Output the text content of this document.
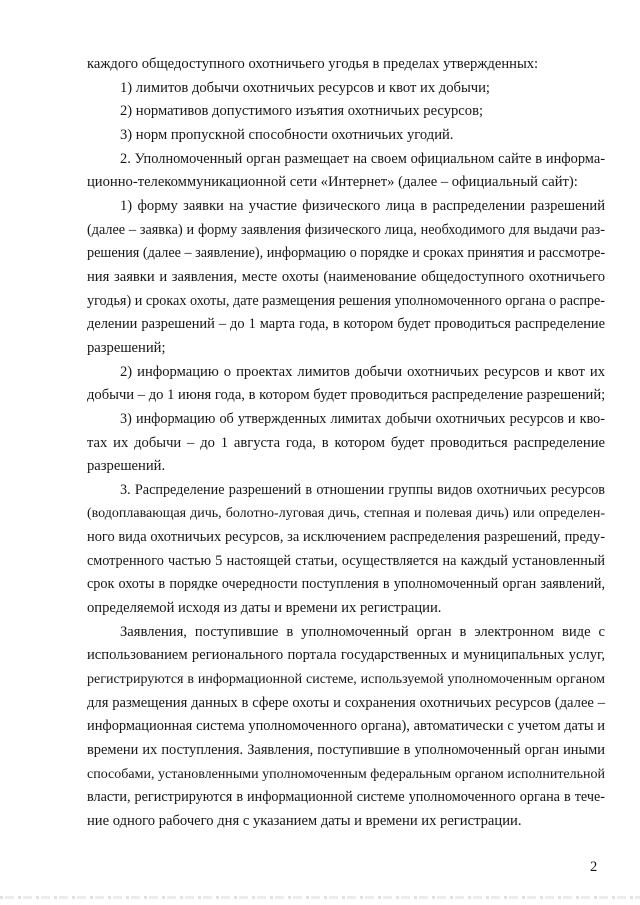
каждого общедоступного охотничьего угодья в пределах утвержденных:

1) лимитов добычи охотничьих ресурсов и квот их добычи;

2) нормативов допустимого изъятия охотничьих ресурсов;

3) норм пропускной способности охотничьих угодий.

2. Уполномоченный орган размещает на своем официальном сайте в информа-

ционно-телекоммуникационной сети «Интернет» (далее – официальный сайт):

1) форму заявки на участие физического лица в распределении разрешений

(далее – заявка) и форму заявления физического лица, необходимого для выдачи раз-

решения (далее – заявление), информацию о порядке и сроках принятия и рассмотре-

ния заявки и заявления, месте охоты (наименование общедоступного охотничьего

угодья) и сроках охоты, дате размещения решения уполномоченного органа о распре-

делении разрешений – до 1 марта года, в котором будет проводиться распределение

разрешений;

2) информацию о проектах лимитов добычи охотничьих ресурсов и квот их

добычи – до 1 июня года, в котором будет проводиться распределение разрешений;

3) информацию об утвержденных лимитах добычи охотничьих ресурсов и кво-

тах их добычи – до 1 августа года, в котором будет проводиться распределение

разрешений.

3. Распределение разрешений в отношении группы видов охотничьих ресурсов

(водоплавающая дичь, болотно-луговая дичь, степная и полевая дичь) или определен-

ного вида охотничьих ресурсов, за исключением распределения разрешений, преду-

смотренного частью 5 настоящей статьи, осуществляется на каждый установленный

срок охоты в порядке очередности поступления в уполномоченный орган заявлений,

определяемой исходя из даты и времени их регистрации.

Заявления, поступившие в уполномоченный орган в электронном виде с

использованием регионального портала государственных и муниципальных услуг,

регистрируются в информационной системе, используемой уполномоченным органом

для размещения данных в сфере охоты и сохранения охотничьих ресурсов (далее –

информационная система уполномоченного органа), автоматически с учетом даты и

времени их поступления. Заявления, поступившие в уполномоченный орган иными

способами, установленными уполномоченным федеральным органом исполнительной

власти, регистрируются в информационной системе уполномоченного органа в тече-

ние одного рабочего дня с указанием даты и времени их регистрации.

2
